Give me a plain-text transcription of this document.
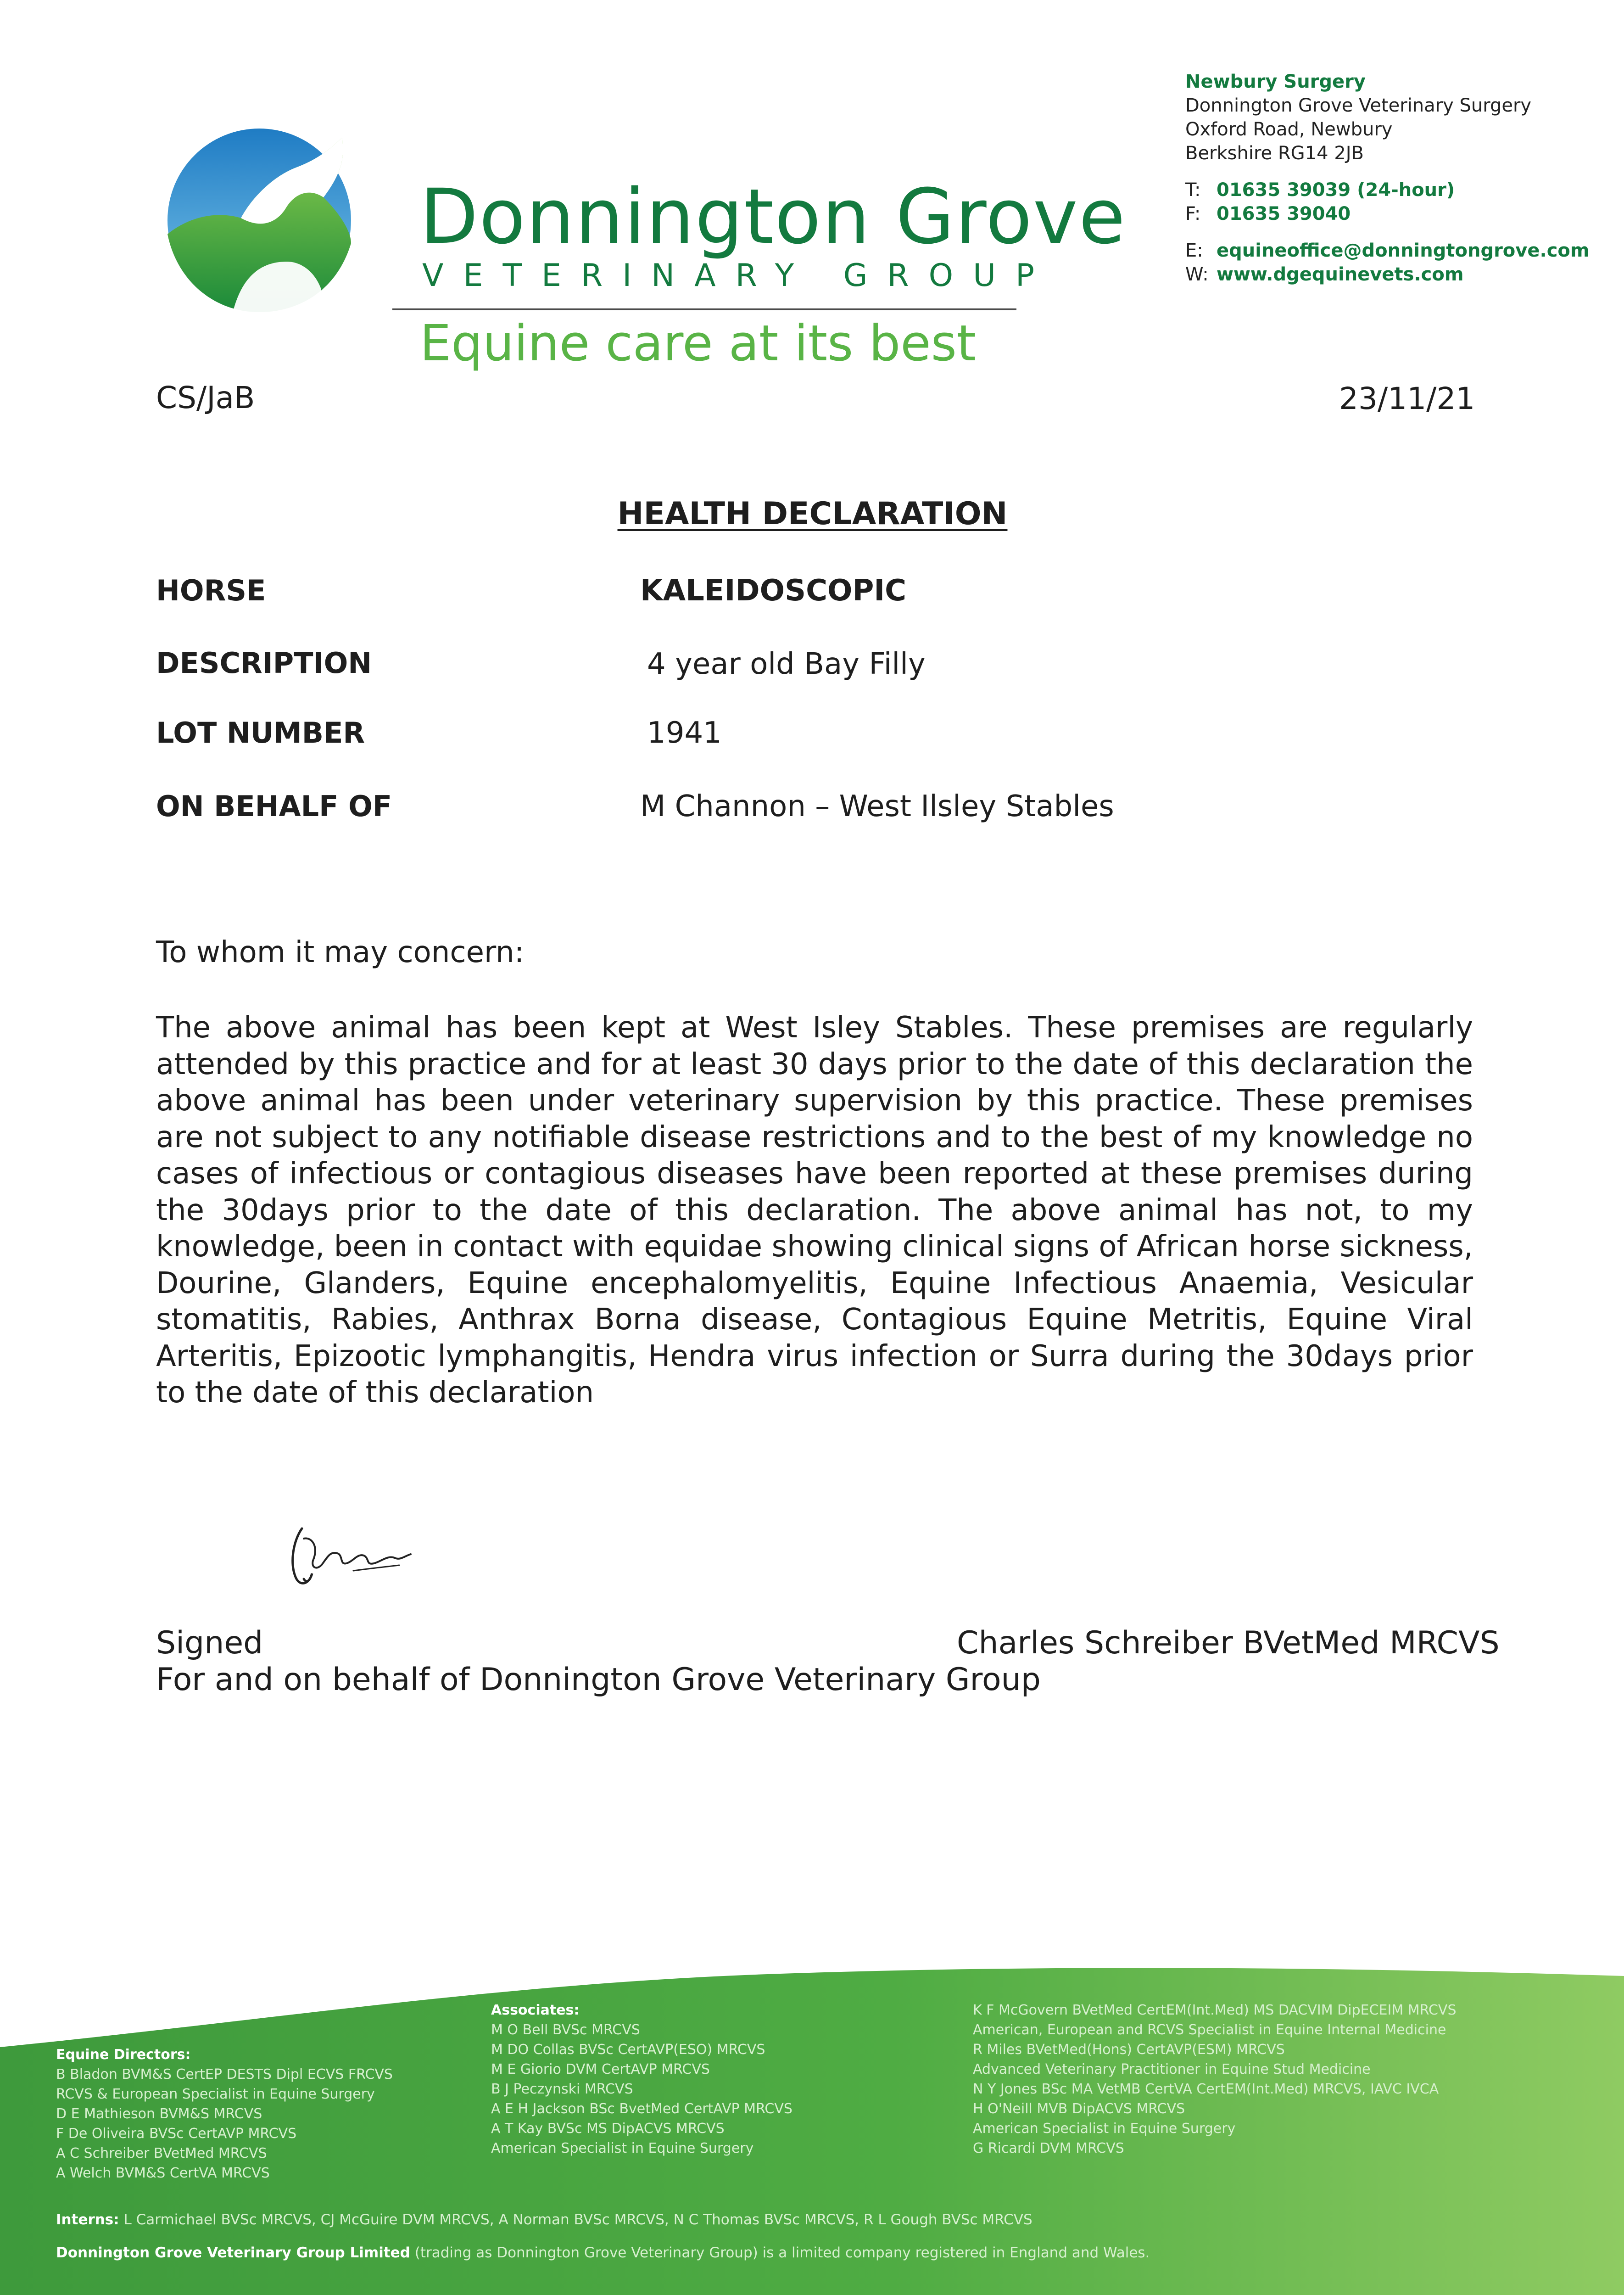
Donnington Grove
VETERINARY GROUP
Equine care at its best
Newbury Surgery
Donnington Grove Veterinary Surgery
Oxford Road, Newbury
Berkshire RG14 2JB
T: 01635 39039 (24-hour)
F: 01635 39040
E: equineoffice@donningtongrove.com
W: www.dgequinevets.com
CS/JaB	23/11/21
HEALTH DECLARATION
HORSE	KALEIDOSCOPIC
DESCRIPTION	4 year old Bay Filly
LOT NUMBER	1941
ON BEHALF OF	M Channon – West Ilsley Stables
To whom it may concern:

The above animal has been kept at West Isley Stables. These premises are regularly attended by this practice and for at least 30 days prior to the date of this declaration the above animal has been under veterinary supervision by this practice. These premises are not subject to any notifiable disease restrictions and to the best of my knowledge no cases of infectious or contagious diseases have been reported at these premises during the 30days prior to the date of this declaration. The above animal has not, to my knowledge, been in contact with equidae showing clinical signs of African horse sickness, Dourine, Glanders, Equine encephalomyelitis, Equine Infectious Anaemia, Vesicular stomatitis, Rabies, Anthrax Borna disease, Contagious Equine Metritis, Equine Viral Arteritis, Epizootic lymphangitis, Hendra virus infection or Surra during the 30days prior to the date of this declaration

Signed	Charles Schreiber BVetMed MRCVS
For and on behalf of Donnington Grove Veterinary Group
Equine Directors:
B Bladon BVM&S CertEP DESTS Dipl ECVS FRCVS
RCVS & European Specialist in Equine Surgery
D E Mathieson BVM&S MRCVS
F De Oliveira BVSc CertAVP MRCVS
A C Schreiber BVetMed MRCVS
A Welch BVM&S CertVA MRCVS
Associates:
M O Bell BVSc MRCVS
M DO Collas BVSc CertAVP(ESO) MRCVS
M E Giorio DVM CertAVP MRCVS
B J Peczynski MRCVS
A E H Jackson BSc BvetMed CertAVP MRCVS
A T Kay BVSc MS DipACVS MRCVS
American Specialist in Equine Surgery
K F McGovern BVetMed CertEM(Int.Med) MS DACVIM DipECEIM MRCVS
American, European and RCVS Specialist in Equine Internal Medicine
R Miles BVetMed(Hons) CertAVP(ESM) MRCVS
Advanced Veterinary Practitioner in Equine Stud Medicine
N Y Jones BSc MA VetMB CertVA CertEM(Int.Med) MRCVS, IAVC IVCA
H O'Neill MVB DipACVS MRCVS
American Specialist in Equine Surgery
G Ricardi DVM MRCVS
Interns: L Carmichael BVSc MRCVS, CJ McGuire DVM MRCVS, A Norman BVSc MRCVS, N C Thomas BVSc MRCVS, R L Gough BVSc MRCVS
Donnington Grove Veterinary Group Limited (trading as Donnington Grove Veterinary Group) is a limited company registered in England and Wales.
